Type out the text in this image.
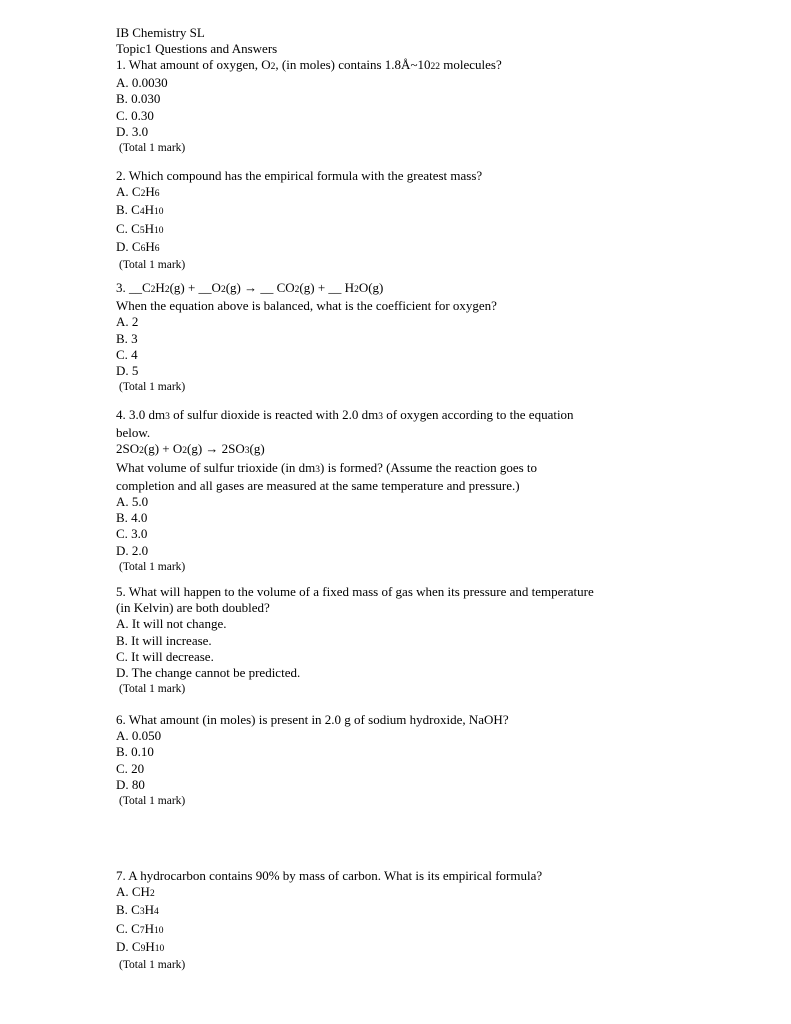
IB Chemistry SL
Topic1 Questions and Answers
1. What amount of oxygen, O2, (in moles) contains 1.8Å~1022 molecules?
A. 0.0030
B. 0.030
C. 0.30
D. 3.0
(Total 1 mark)
2. Which compound has the empirical formula with the greatest mass?
A. C2H6
B. C4H10
C. C5H10
D. C6H6
(Total 1 mark)
3. __C2H2(g) + __O2(g) → __ CO2(g) + __ H2O(g)
When the equation above is balanced, what is the coefficient for oxygen?
A. 2
B. 3
C. 4
D. 5
(Total 1 mark)
4. 3.0 dm3 of sulfur dioxide is reacted with 2.0 dm3 of oxygen according to the equation
below.
2SO2(g) + O2(g) → 2SO3(g)
What volume of sulfur trioxide (in dm3) is formed? (Assume the reaction goes to
completion and all gases are measured at the same temperature and pressure.)
A. 5.0
B. 4.0
C. 3.0
D. 2.0
(Total 1 mark)
5. What will happen to the volume of a fixed mass of gas when its pressure and temperature
(in Kelvin) are both doubled?
A. It will not change.
B. It will increase.
C. It will decrease.
D. The change cannot be predicted.
(Total 1 mark)
6. What amount (in moles) is present in 2.0 g of sodium hydroxide, NaOH?
A. 0.050
B. 0.10
C. 20
D. 80
(Total 1 mark)
7. A hydrocarbon contains 90% by mass of carbon. What is its empirical formula?
A. CH2
B. C3H4
C. C7H10
D. C9H10
(Total 1 mark)
